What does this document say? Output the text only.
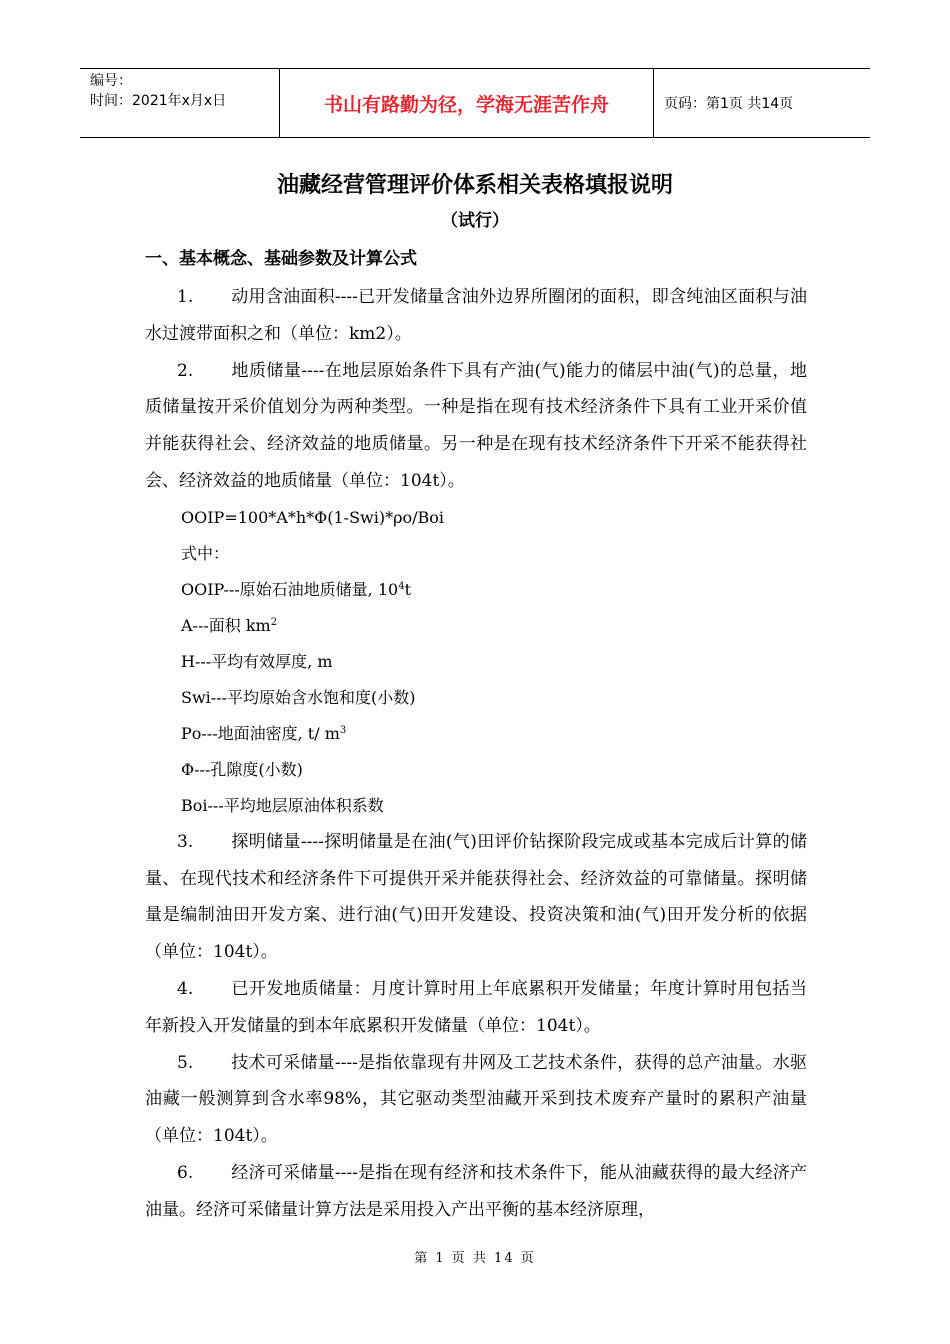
编号：
时间：2021年x月x日	书山有路勤为径，学海无涯苦作舟	页码：第1页 共14页
油藏经营管理评价体系相关表格填报说明
（试行）
一、基本概念、基础参数及计算公式

1. 动用含油面积----已开发储量含油外边界所圈闭的面积，即含纯油区面积与油水过渡带面积之和（单位：km2）。

2. 地质储量----在地层原始条件下具有产油(气)能力的储层中油(气)的总量，地质储量按开采价值划分为两种类型。一种是指在现有技术经济条件下具有工业开采价值并能获得社会、经济效益的地质储量。另一种是在现有技术经济条件下开采不能获得社会、经济效益的地质储量（单位：104t）。

OOIP=100*A*h*Φ(1-Swi)*ρo/Boi

式中：

OOIP---原始石油地质储量, $10^4t$

A---面积 $km^2$

H---平均有效厚度, m

Swi---平均原始含水饱和度(小数)

Ρo---地面油密度, t/ $m^3$

Φ---孔隙度(小数)

Boi---平均地层原油体积系数

3. 探明储量----探明储量是在油(气)田评价钻探阶段完成或基本完成后计算的储量、在现代技术和经济条件下可提供开采并能获得社会、经济效益的可靠储量。探明储量是编制油田开发方案、进行油(气)田开发建设、投资决策和油(气)田开发分析的依据（单位：104t）。

4. 已开发地质储量：月度计算时用上年底累积开发储量；年度计算时用包括当年新投入开发储量的到本年底累积开发储量（单位：104t）。

5. 技术可采储量----是指依靠现有井网及工艺技术条件，获得的总产油量。水驱油藏一般测算到含水率98%，其它驱动类型油藏开采到技术废弃产量时的累积产油量（单位：104t）。

6. 经济可采储量----是指在现有经济和技术条件下，能从油藏获得的最大经济产油量。经济可采储量计算方法是采用投入产出平衡的基本经济原理，

第 1 页 共 14 页
